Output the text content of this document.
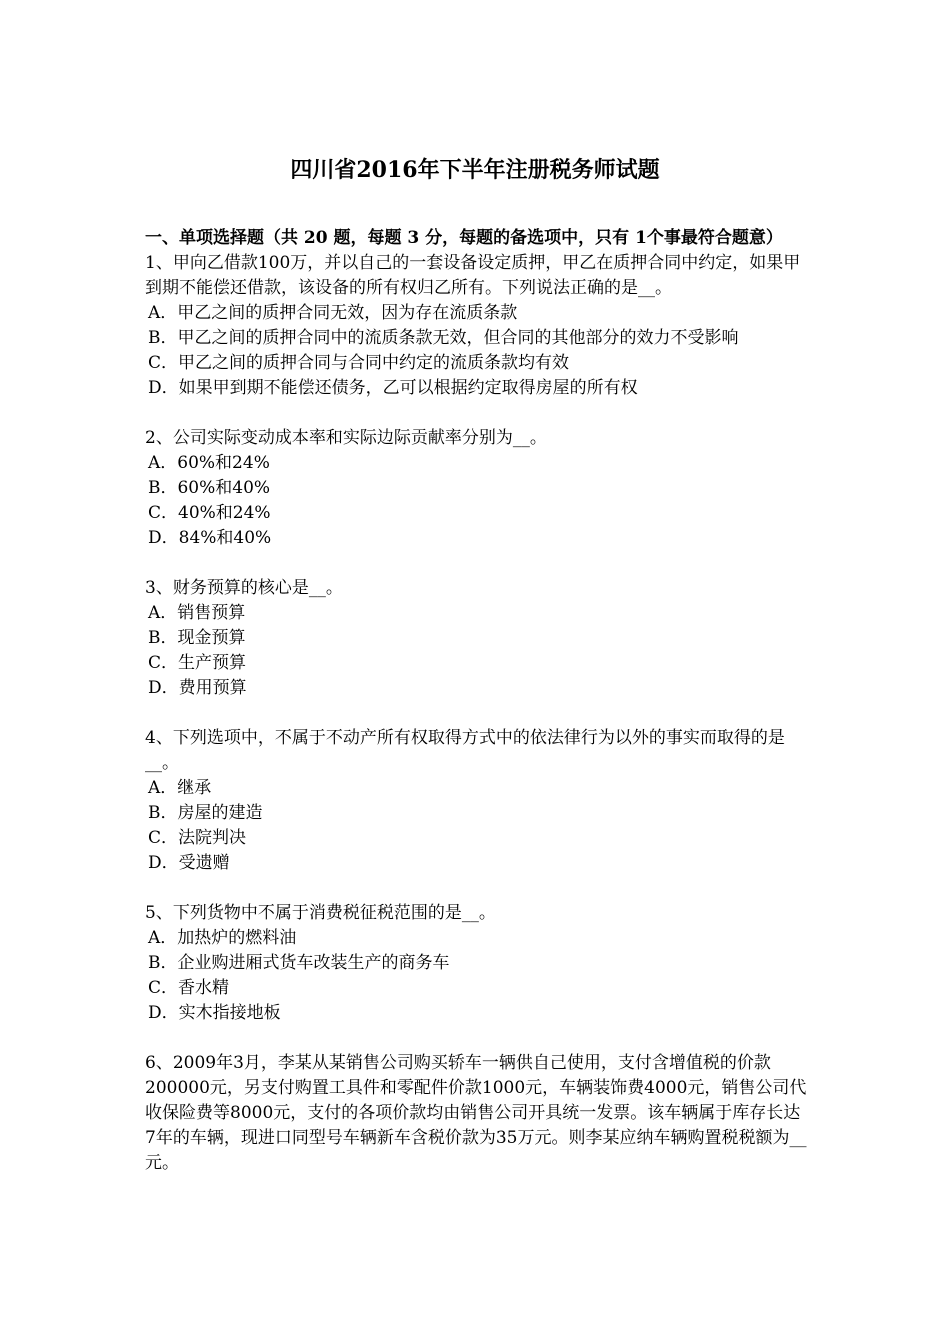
四川省2016年下半年注册税务师试题

一、单项选择题（共 20 题，每题 3 分，每题的备选项中，只有 1个事最符合题意）

1、甲向乙借款100万，并以自己的一套设备设定质押，甲乙在质押合同中约定，如果甲到期不能偿还借款，该设备的所有权归乙所有。下列说法正确的是__。

A．甲乙之间的质押合同无效，因为存在流质条款
B．甲乙之间的质押合同中的流质条款无效，但合同的其他部分的效力不受影响
C．甲乙之间的质押合同与合同中约定的流质条款均有效
D．如果甲到期不能偿还债务，乙可以根据约定取得房屋的所有权

2、公司实际变动成本率和实际边际贡献率分别为__。

A．60%和24%
B．60%和40%
C．40%和24%
D．84%和40%

3、财务预算的核心是__。

A．销售预算
B．现金预算
C．生产预算
D．费用预算

4、下列选项中，不属于不动产所有权取得方式中的依法律行为以外的事实而取得的是__。

A．继承
B．房屋的建造
C．法院判决
D．受遗赠

5、下列货物中不属于消费税征税范围的是__。

A．加热炉的燃料油
B．企业购进厢式货车改装生产的商务车
C．香水精
D．实木指接地板

6、2009年3月，李某从某销售公司购买轿车一辆供自己使用，支付含增值税的价款200000元，另支付购置工具件和零配件价款1000元，车辆装饰费4000元，销售公司代收保险费等8000元，支付的各项价款均由销售公司开具统一发票。该车辆属于库存长达7年的车辆，现进口同型号车辆新车含税价款为35万元。则李某应纳车辆购置税税额为__元。
